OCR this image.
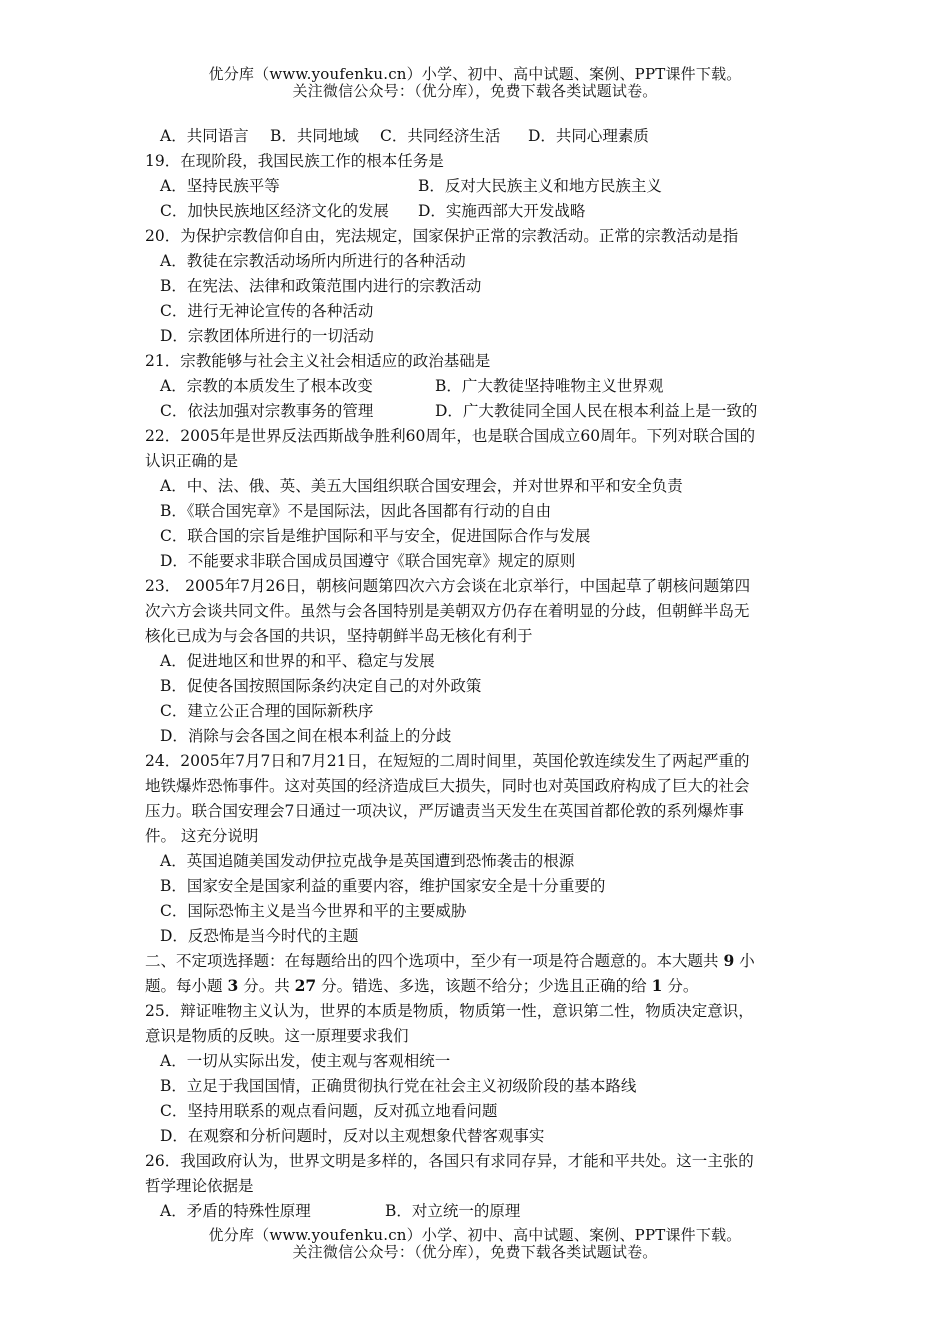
优分库（www.youfenku.cn）小学、初中、高中试题、案例、PPT课件下载。
关注微信公众号：（优分库），免费下载各类试题试卷。
A．共同语言 B．共同地域 C．共同经济生活 D．共同心理素质
19．在现阶段，我国民族工作的根本任务是
A．坚持民族平等	B．反对大民族主义和地方民族主义
C．加快民族地区经济文化的发展 D．实施西部大开发战略
20．为保护宗教信仰自由，宪法规定，国家保护正常的宗教活动。正常的宗教活动是指
A．教徒在宗教活动场所内所进行的各种活动
B．在宪法、法律和政策范围内进行的宗教活动
C．进行无神论宣传的各种活动
D．宗教团体所进行的一切活动
21．宗教能够与社会主义社会相适应的政治基础是
A．宗教的本质发生了根本改变	B．广大教徒坚持唯物主义世界观
C．依法加强对宗教事务的管理	D．广大教徒同全国人民在根本利益上是一致的
22．2005年是世界反法西斯战争胜利60周年，也是联合国成立60周年。下列对联合国的
认识正确的是
A．中、法、俄、英、美五大国组织联合国安理会，并对世界和平和安全负责
B．《联合国宪章》不是国际法，因此各国都有行动的自由
C．联合国的宗旨是维护国际和平与安全，促进国际合作与发展
D．不能要求非联合国成员国遵守《联合国宪章》规定的原则
23． 2005年7月26日，朝核问题第四次六方会谈在北京举行，中国起草了朝核问题第四
次六方会谈共同文件。虽然与会各国特别是美朝双方仍存在着明显的分歧，但朝鲜半岛无
核化已成为与会各国的共识，坚持朝鲜半岛无核化有利于
A．促进地区和世界的和平、稳定与发展
B．促使各国按照国际条约决定自己的对外政策
C．建立公正合理的国际新秩序
D．消除与会各国之间在根本利益上的分歧
24．2005年7月7日和7月21日，在短短的二周时间里，英国伦敦连续发生了两起严重的
地铁爆炸恐怖事件。这对英国的经济造成巨大损失，同时也对英国政府构成了巨大的社会
压力。联合国安理会7日通过一项决议，严厉谴责当天发生在英国首都伦敦的系列爆炸事
件。 这充分说明
A．英国追随美国发动伊拉克战争是英国遭到恐怖袭击的根源
B．国家安全是国家利益的重要内容，维护国家安全是十分重要的
C．国际恐怖主义是当今世界和平的主要威胁
D．反恐怖是当今时代的主题
二、不定项选择题：在每题给出的四个选项中，至少有一项是符合题意的。本大题共 9 小
题。每小题 3 分。共 27 分。错选、多选，该题不给分；少选且正确的给 1 分。
25．辩证唯物主义认为，世界的本质是物质，物质第一性，意识第二性，物质决定意识，
意识是物质的反映。这一原理要求我们
A．一切从实际出发，使主观与客观相统一
B．立足于我国国情，正确贯彻执行党在社会主义初级阶段的基本路线
C．坚持用联系的观点看问题，反对孤立地看问题
D．在观察和分析问题时，反对以主观想象代替客观事实
26．我国政府认为，世界文明是多样的，各国只有求同存异，才能和平共处。这一主张的
哲学理论依据是
A．矛盾的特殊性原理	B．对立统一的原理
优分库（www.youfenku.cn）小学、初中、高中试题、案例、PPT课件下载。
关注微信公众号：（优分库），免费下载各类试题试卷。
